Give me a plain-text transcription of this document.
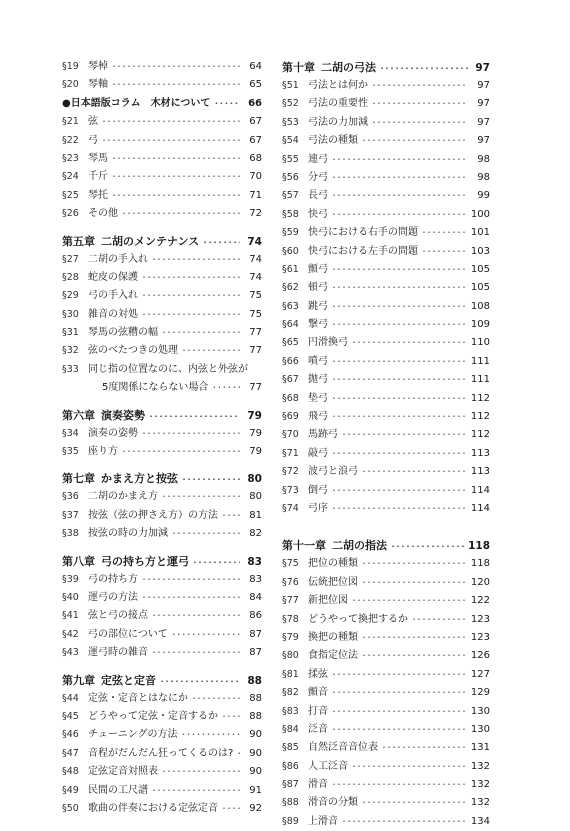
§19 琴棹 ･････････････････････････････････････････････････････････････････	64
§20 琴軸 ･････････････････････････････････････････････････････････････････	65
●日本語版コラム　木材について ･････････････････････････････････････････････････････････････････	66
§21 弦 ･････････････････････････････････････････････････････････････････	67
§22 弓 ･････････････････････････････････････････････････････････････････	67
§23 琴馬 ･････････････････････････････････････････････････････････････････	68
§24 千斤 ･････････････････････････････････････････････････････････････････	70
§25 琴托 ･････････････････････････････････････････････････････････････････	71
§26 その他 ･････････････････････････････････････････････････････････････････	72
第五章 二胡のメンテナンス ･････････････････････････････････････････････････････････････････	74
§27 二胡の手入れ ･････････････････････････････････････････････････････････････････	74
§28 蛇皮の保護 ･････････････････････････････････････････････････････････････････	74
§29 弓の手入れ ･････････････････････････････････････････････････････････････････	75
§30 雑音の対処 ･････････････････････････････････････････････････････････････････	75
§31 琴馬の弦糟の幅 ･････････････････････････････････････････････････････････････････	77
§32 弦のべたつきの処理 ･････････････････････････････････････････････････････････････････	77
§33 同じ指の位置なのに、内弦と外弦が
5度関係にならない場合 ･････････････････････････････････････････････････････････････････	77
第六章 演奏姿勢 ･････････････････････････････････････････････････････････････････	79
§34 演奏の姿勢 ･････････････････････････････････････････････････････････････････	79
§35 座り方 ･････････････････････････････････････････････････････････････････	79
第七章 かまえ方と按弦 ･････････････････････････････････････････････････････････････････	80
§36 二胡のかまえ方 ･････････････････････････････････････････････････････････････････	80
§37 按弦（弦の押さえ方）の方法 ･････････････････････････････････････････････････････････････････	81
§38 按弦の時の力加減 ･････････････････････････････････････････････････････････････････	82
第八章 弓の持ち方と運弓 ･････････････････････････････････････････････････････････････････	83
§39 弓の持ち方 ･････････････････････････････････････････････････････････････････	83
§40 運弓の方法 ･････････････････････････････････････････････････････････････････	84
§41 弦と弓の接点 ･････････････････････････････････････････････････････････････････	86
§42 弓の部位について ･････････････････････････････････････････････････････････････････	87
§43 運弓時の雑音 ･････････････････････････････････････････････････････････････････	87
第九章 定弦と定音 ･････････････････････････････････････････････････････････････････	88
§44 定弦・定音とはなにか ･････････････････････････････････････････････････････････････････	88
§45 どうやって定弦・定音するか ･････････････････････････････････････････････････････････････････	88
§46 チューニングの方法 ･････････････････････････････････････････････････････････････････	90
§47 音程がだんだん狂ってくるのは? ･････････････････････････････････････････････････････････････････	90
§48 定弦定音対照表 ･････････････････････････････････････････････････････････････････	90
§49 民間の工尺譜 ･････････････････････････････････････････････････････････････････	91
§50 歌曲の伴奏における定弦定音 ･････････････････････････････････････････････････････････････････	92
第十章 二胡の弓法 ･････････････････････････････････････････････････････････････････	97
§51 弓法とは何か ･････････････････････････････････････････････････････････････････	97
§52 弓法の重要性 ･････････････････････････････････････････････････････････････････	97
§53 弓法の力加減 ･････････････････････････････････････････････････････････････････	97
§54 弓法の種類 ･････････････････････････････････････････････････････････････････	97
§55 連弓 ･････････････････････････････････････････････････････････････････	98
§56 分弓 ･････････････････････････････････････････････････････････････････	98
§57 長弓 ･････････････････････････････････････････････････････････････････	99
§58 快弓 ･････････････････････････････････････････････････････････････････	100
§59 快弓における右手の問題 ･････････････････････････････････････････････････････････････････	101
§60 快弓における左手の問題 ･････････････････････････････････････････････････････････････････	103
§61 顫弓 ･････････････････････････････････････････････････････････････････	105
§62 頓弓 ･････････････････････････････････････････････････････････････････	105
§63 跳弓 ･････････････････････････････････････････････････････････････････	108
§64 撃弓 ･････････････････････････････････････････････････････････････････	109
§65 円滑換弓 ･････････････････････････････････････････････････････････････････	110
§66 噴弓 ･････････････････････････････････････････････････････････････････	111
§67 抛弓 ･････････････････････････････････････････････････････････････････	111
§68 垫弓 ･････････････････････････････････････････････････････････････････	112
§69 飛弓 ･････････････････････････････････････････････････････････････････	112
§70 馬跡弓 ･････････････････････････････････････････････････････････････････	112
§71 敲弓 ･････････････････････････････････････････････････････････････････	113
§72 波弓と浪弓 ･････････････････････････････････････････････････････････････････	113
§73 倒弓 ･････････････････････････････････････････････････････････････････	114
§74 弓序 ･････････････････････････････････････････････････････････････････	114
第十一章 二胡の指法 ･････････････････････････････････････････････････････････････････	118
§75 把位の種類 ･････････････････････････････････････････････････････････････････	118
§76 伝統把位図 ･････････････････････････････････････････････････････････････････	120
§77 新把位図 ･････････････････････････････････････････････････････････････････	122
§78 どうやって換把するか ･････････････････････････････････････････････････････････････････	123
§79 換把の種類 ･････････････････････････････････････････････････････････････････	123
§80 食指定位法 ･････････････････････････････････････････････････････････････････	126
§81 揉弦 ･････････････････････････････････････････････････････････････････	127
§82 顫音 ･････････････････････････････････････････････････････････････････	129
§83 打音 ･････････････････････････････････････････････････････････････････	130
§84 泛音 ･････････････････････････････････････････････････････････････････	130
§85 自然泛音音位表 ･････････････････････････････････････････････････････････････････	131
§86 人工泛音 ･････････････････････････････････････････････････････････････････	132
§87 滑音 ･････････････････････････････････････････････････････････････････	132
§88 滑音の分類 ･････････････････････････････････････････････････････････････････	132
§89 上滑音 ･････････････････････････････････････････････････････････････････	134
